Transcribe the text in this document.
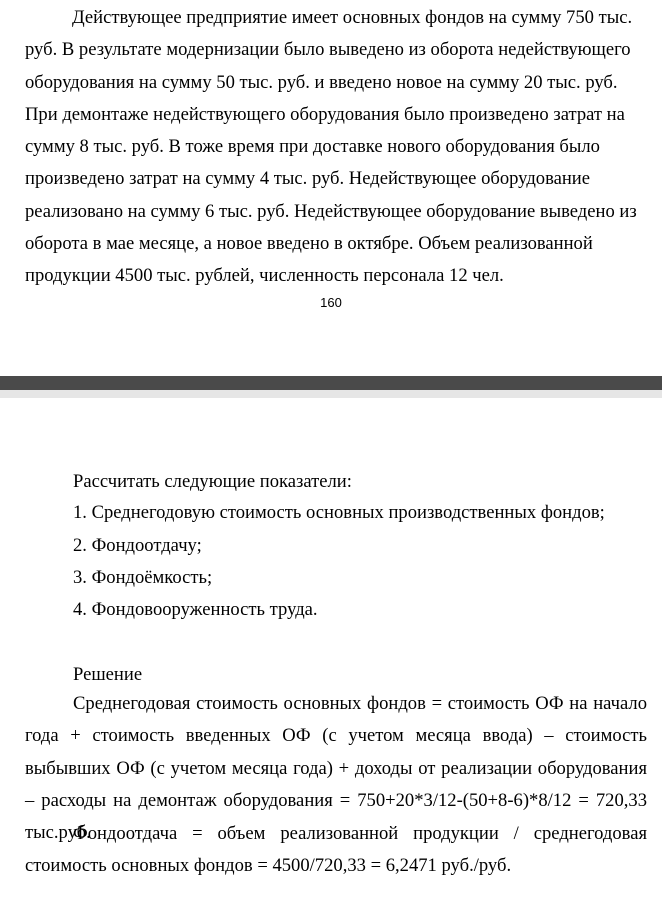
Действующее предприятие имеет основных фондов на сумму 750 тыс. руб. В результате модернизации было выведено из оборота недействующего оборудования на сумму 50 тыс. руб. и введено новое на сумму 20 тыс. руб. При демонтаже недействующего оборудования было произведено затрат на сумму 8 тыс. руб. В тоже время при доставке нового оборудования было произведено затрат на сумму 4 тыс. руб. Недействующее оборудование реализовано на сумму 6 тыс. руб. Недействующее оборудование выведено из оборота в мае месяце, а новое введено в октябре. Объем реализованной продукции 4500 тыс. рублей, численность персонала 12 чел.

160

Рассчитать следующие показатели:

1. Среднегодовую стоимость основных производственных фондов;

2. Фондоотдачу;

3. Фондоёмкость;

4. Фондовооруженность труда.

Решение

Среднегодовая стоимость основных фондов = стоимость ОФ на начало года + стоимость введенных ОФ (с учетом месяца ввода) – стоимость выбывших ОФ (с учетом месяца года) + доходы от реализации оборудования – расходы на демонтаж оборудования = 750+20*3/12-(50+8-6)*8/12 = 720,33 тыс.руб.

Фондоотдача = объем реализованной продукции / среднегодовая стоимость основных фондов = 4500/720,33 = 6,2471 руб./руб.
